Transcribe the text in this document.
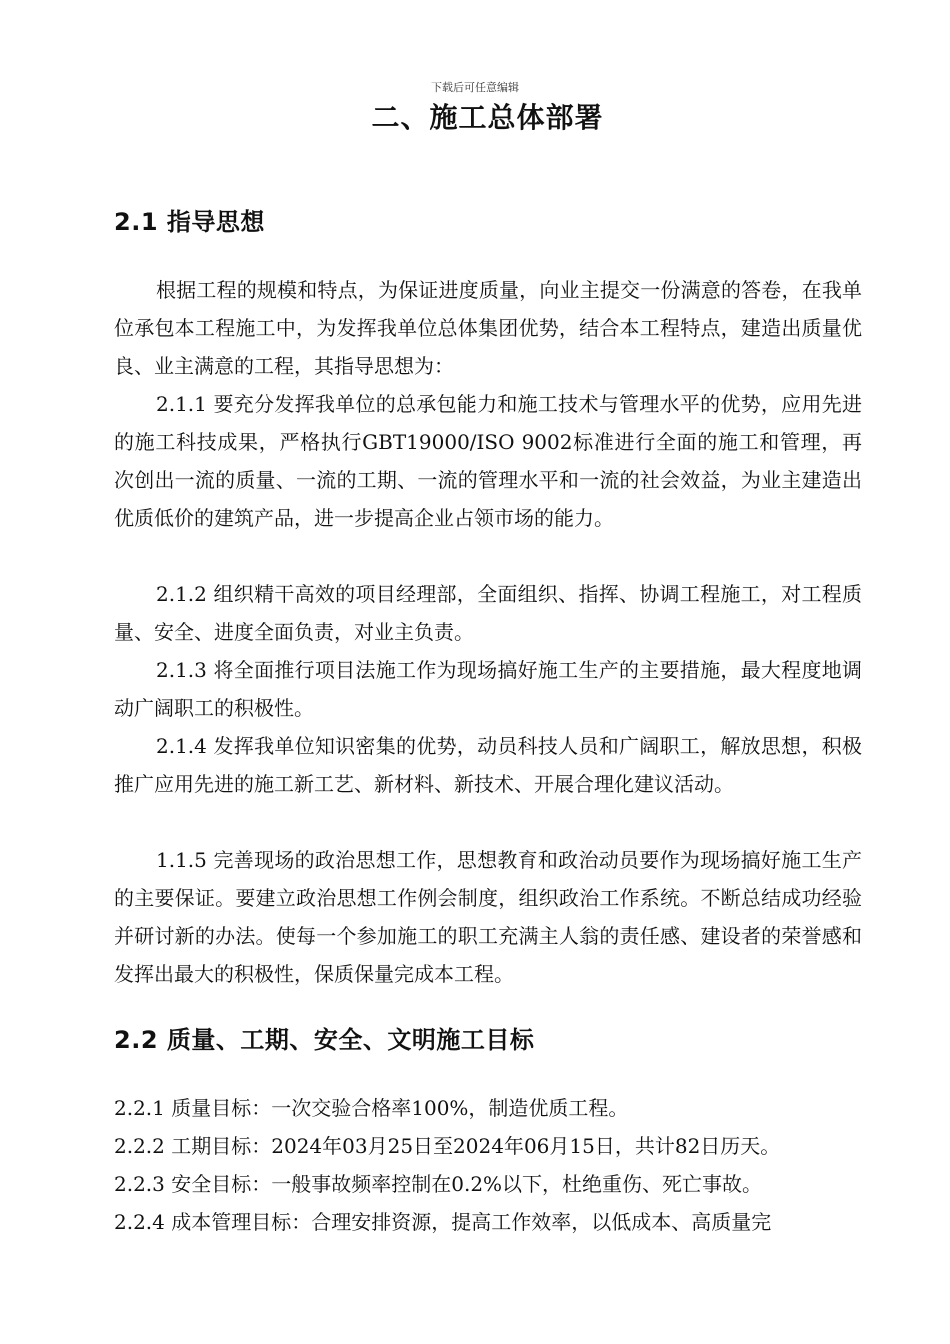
下载后可任意编辑
二、施工总体部署
2.1 指导思想

根据工程的规模和特点，为保证进度质量，向业主提交一份满意的答卷，在我单位承包本工程施工中，为发挥我单位总体集团优势，结合本工程特点，建造出质量优良、业主满意的工程，其指导思想为：

2.1.1 要充分发挥我单位的总承包能力和施工技术与管理水平的优势，应用先进的施工科技成果，严格执行GBT19000/ISO 9002标准进行全面的施工和管理，再次创出一流的质量、一流的工期、一流的管理水平和一流的社会效益，为业主建造出优质低价的建筑产品，进一步提高企业占领市场的能力。

2.1.2 组织精干高效的项目经理部，全面组织、指挥、协调工程施工，对工程质量、安全、进度全面负责，对业主负责。

2.1.3 将全面推行项目法施工作为现场搞好施工生产的主要措施，最大程度地调动广阔职工的积极性。

2.1.4 发挥我单位知识密集的优势，动员科技人员和广阔职工，解放思想，积极推广应用先进的施工新工艺、新材料、新技术、开展合理化建议活动。

1.1.5 完善现场的政治思想工作，思想教育和政治动员要作为现场搞好施工生产的主要保证。要建立政治思想工作例会制度，组织政治工作系统。不断总结成功经验并研讨新的办法。使每一个参加施工的职工充满主人翁的责任感、建设者的荣誉感和发挥出最大的积极性，保质保量完成本工程。

2.2 质量、工期、安全、文明施工目标

2.2.1 质量目标：一次交验合格率100%，制造优质工程。

2.2.2 工期目标：2024年03月25日至2024年06月15日，共计82日历天。

2.2.3 安全目标：一般事故频率控制在0.2%以下，杜绝重伤、死亡事故。

2.2.4 成本管理目标：合理安排资源，提高工作效率，以低成本、高质量完
